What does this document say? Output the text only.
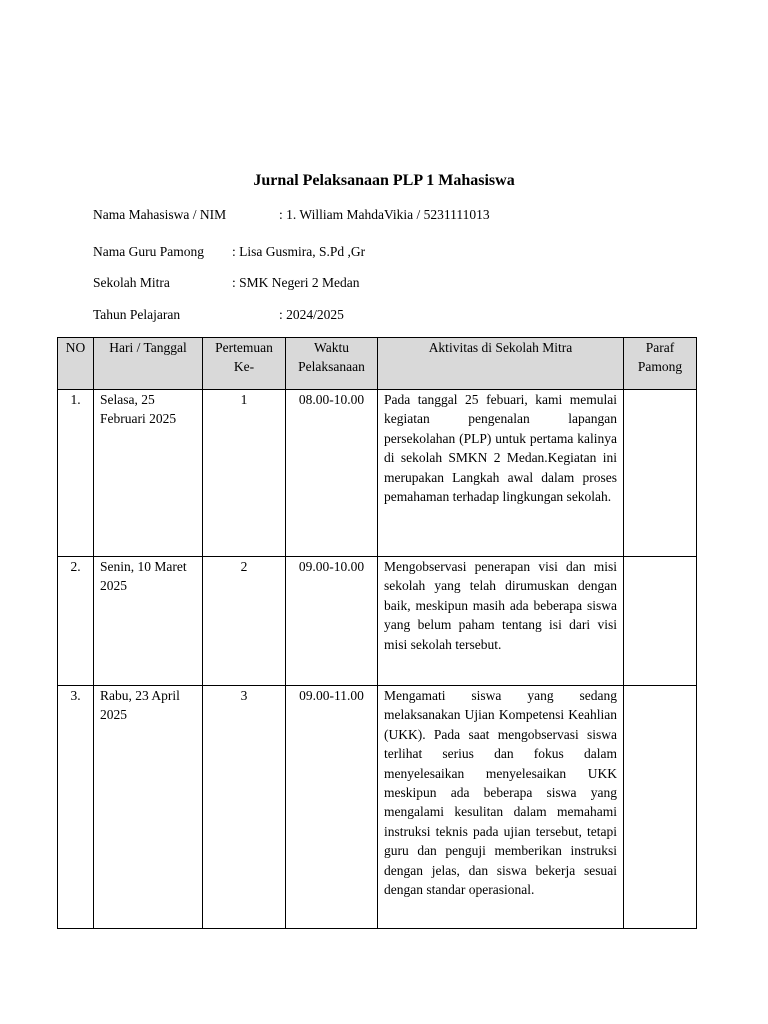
Jurnal Pelaksanaan PLP 1 Mahasiswa
Nama Mahasiswa / NIM	: 1. William MahdaVikia / 5231111013
Nama Guru Pamong : Lisa Gusmira, S.Pd ,Gr
Sekolah Mitra	: SMK Negeri 2 Medan
Tahun Pelajaran	: 2024/2025
NO	Hari / Tanggal	Pertemuan Ke-	Waktu Pelaksanaan	Aktivitas di Sekolah Mitra	Paraf Pamong
1.	Selasa, 25 Februari 2025	1	08.00-10.00	Pada tanggal 25 febuari, kami memulai kegiatan pengenalan lapangan persekolahan (PLP) untuk pertama kalinya di sekolah SMKN 2 Medan.Kegiatan ini merupakan Langkah awal dalam proses pemahaman terhadap lingkungan sekolah.	
2.	Senin, 10 Maret 2025	2	09.00-10.00	Mengobservasi penerapan visi dan misi sekolah yang telah dirumuskan dengan baik, meskipun masih ada beberapa siswa yang belum paham tentang isi dari visi misi sekolah tersebut.	
3.	Rabu, 23 April 2025	3	09.00-11.00	Mengamati siswa yang sedang melaksanakan Ujian Kompetensi Keahlian (UKK). Pada saat mengobservasi siswa terlihat serius dan fokus dalam menyelesaikan menyelesaikan UKK meskipun ada beberapa siswa yang mengalami kesulitan dalam memahami instruksi teknis pada ujian tersebut, tetapi guru dan penguji memberikan instruksi dengan jelas, dan siswa bekerja sesuai dengan standar operasional.	
